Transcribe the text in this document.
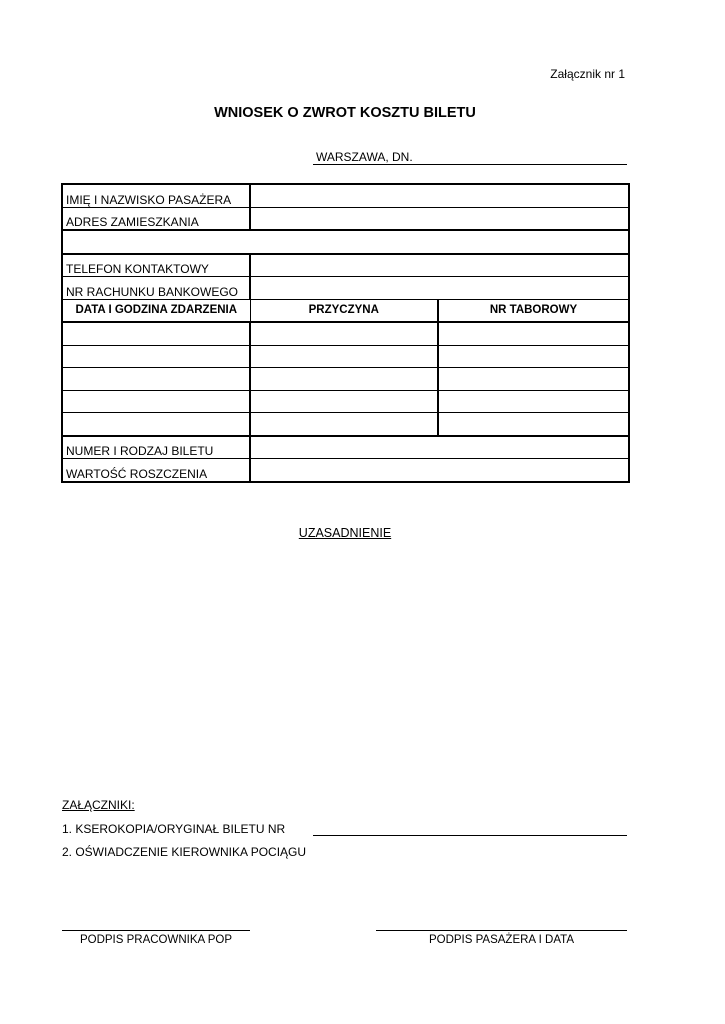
Załącznik nr 1
WNIOSEK O ZWROT KOSZTU BILETU
WARSZAWA, DN.
IMIĘ I NAZWISKO PASAŻERA		
ADRES ZAMIESZKANIA		

TELEFON KONTAKTOWY		
NR RACHUNKU BANKOWEGO		
DATA I GODZINA ZDARZENIA	PRZYCZYNA	NR TABOROWY

NUMER I RODZAJ BILETU		
WARTOŚĆ ROSZCZENIA		
UZASADNIENIE
ZAŁĄCZNIKI:
1. KSEROKOPIA/ORYGINAŁ BILETU NR
2. OŚWIADCZENIE KIEROWNIKA POCIĄGU
PODPIS PRACOWNIKA POP	PODPIS PASAŻERA I DATA
